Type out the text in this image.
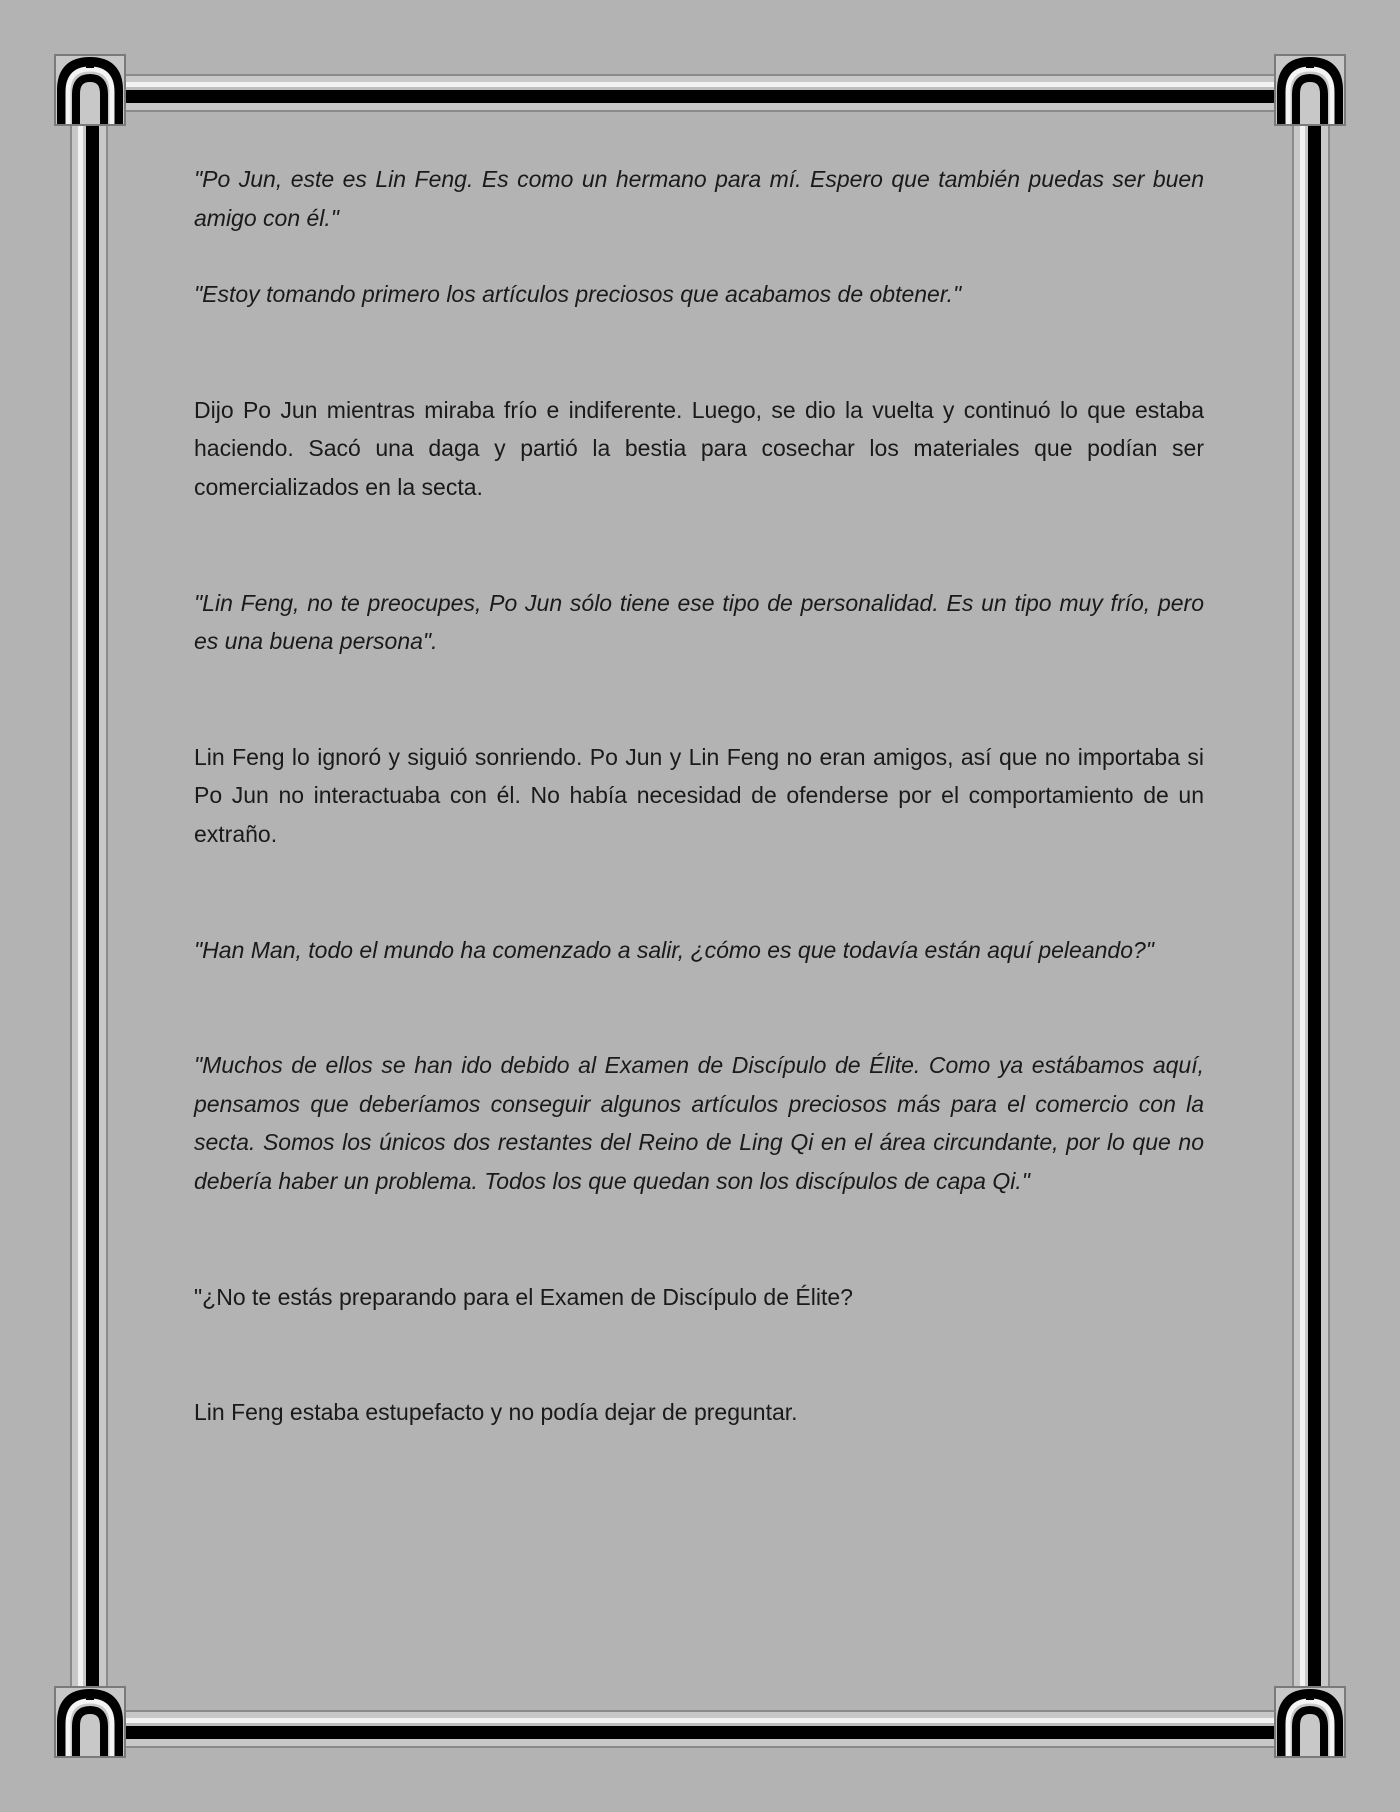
"Po Jun, este es Lin Feng. Es como un hermano para mí. Espero que también puedas ser buen amigo con él."

"Estoy tomando primero los artículos preciosos que acabamos de obtener."

Dijo Po Jun mientras miraba frío e indiferente. Luego, se dio la vuelta y continuó lo que estaba haciendo. Sacó una daga y partió la bestia para cosechar los materiales que podían ser comercializados en la secta.

"Lin Feng, no te preocupes, Po Jun sólo tiene ese tipo de personalidad. Es un tipo muy frío, pero es una buena persona".

Lin Feng lo ignoró y siguió sonriendo. Po Jun y Lin Feng no eran amigos, así que no importaba si Po Jun no interactuaba con él. No había necesidad de ofenderse por el comportamiento de un extraño.

"Han Man, todo el mundo ha comenzado a salir, ¿cómo es que todavía están aquí peleando?"

"Muchos de ellos se han ido debido al Examen de Discípulo de Élite. Como ya estábamos aquí, pensamos que deberíamos conseguir algunos artículos preciosos más para el comercio con la secta. Somos los únicos dos restantes del Reino de Ling Qi en el área circundante, por lo que no debería haber un problema. Todos los que quedan son los discípulos de capa Qi."

"¿No te estás preparando para el Examen de Discípulo de Élite?

Lin Feng estaba estupefacto y no podía dejar de preguntar.
